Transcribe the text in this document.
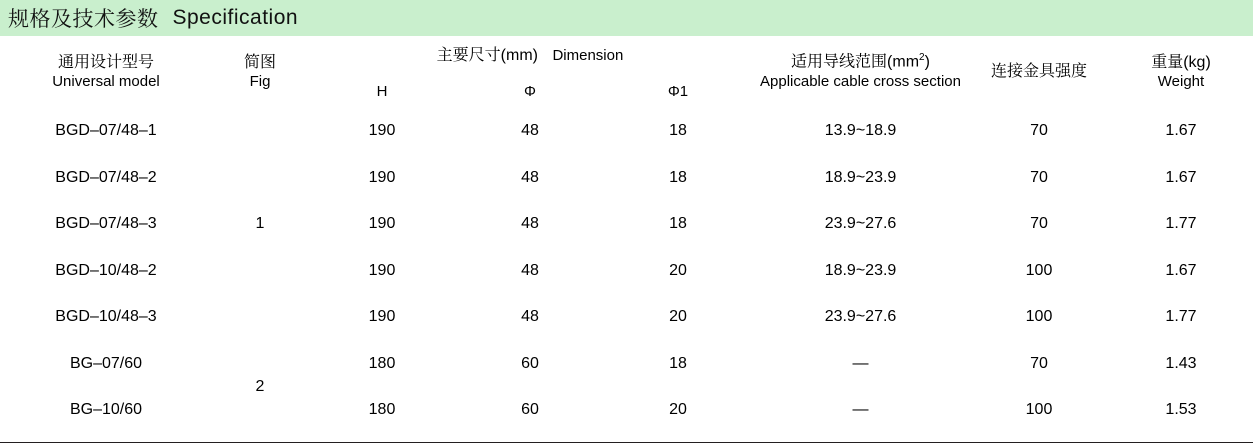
规格及技术参数 Specification
通用设计型号
Universal model	简图
Fig	主要尺寸(mm) Dimension			适用导线范围$(mm^2)$
Applicable cable cross section	连接金具强度	重量(kg)
Weight

		H	Φ	Φ1			
BGD–07/48–1	1	190	48	18	13.9~18.9	70	1.67
BGD–07/48–2		190	48	18	18.9~23.9	70	1.67
BGD–07/48–3		190	48	18	23.9~27.6	70	1.77
BGD–10/48–2		190	48	20	18.9~23.9	100	1.67
BGD–10/48–3		190	48	20	23.9~27.6	100	1.77
BG–07/60	2	180	60	18	—	70	1.43
BG–10/60		180	60	20	—	100	1.53
